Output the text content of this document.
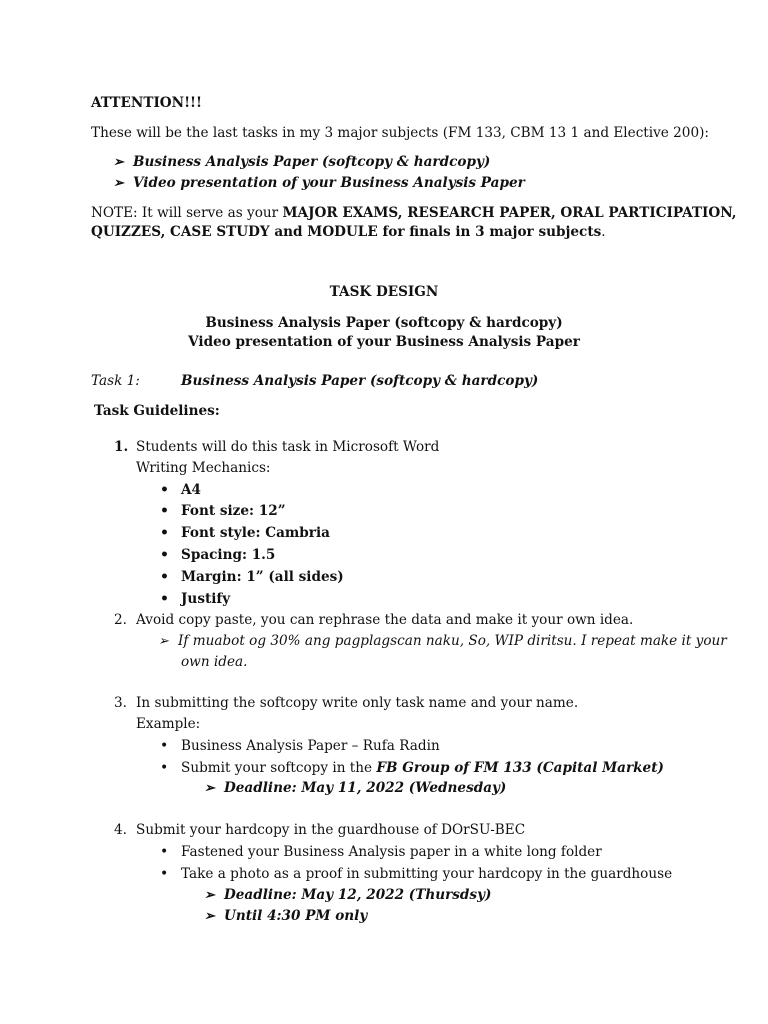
ATTENTION!!!
These will be the last tasks in my 3 major subjects (FM 133, CBM 13 1 and Elective 200):
➢ Business Analysis Paper (softcopy & hardcopy)
➢ Video presentation of your Business Analysis Paper
NOTE: It will serve as your MAJOR EXAMS, RESEARCH PAPER, ORAL PARTICIPATION,
QUIZZES, CASE STUDY and MODULE for finals in 3 major subjects.
TASK DESIGN
Business Analysis Paper (softcopy & hardcopy)
Video presentation of your Business Analysis Paper
Task 1:	Business Analysis Paper (softcopy & hardcopy)
Task Guidelines:
1. Students will do this task in Microsoft Word
Writing Mechanics:
• A4
• Font size: 12”
• Font style: Cambria
• Spacing: 1.5
• Margin: 1” (all sides)
• Justify
2. Avoid copy paste, you can rephrase the data and make it your own idea.
➢ If muabot og 30% ang pagplagscan naku, So, WIP diritsu. I repeat make it your
own idea.
3. In submitting the softcopy write only task name and your name.
Example:
• Business Analysis Paper – Rufa Radin
• Submit your softcopy in the FB Group of FM 133 (Capital Market)
➢ Deadline: May 11, 2022 (Wednesday)
4. Submit your hardcopy in the guardhouse of DOrSU-BEC
• Fastened your Business Analysis paper in a white long folder
• Take a photo as a proof in submitting your hardcopy in the guardhouse
➢ Deadline: May 12, 2022 (Thursdsy)
➢ Until 4:30 PM only
